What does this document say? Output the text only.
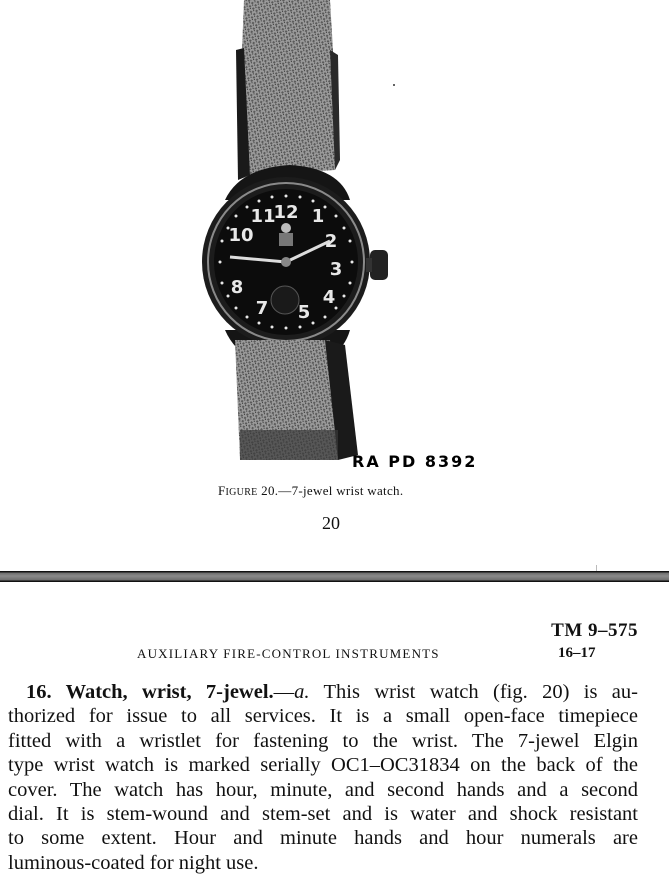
12 1
2
3
4
5
7
8
10
11
RA PD 8392
FIGURE 20.—7-jewel wrist watch.
20
TM 9–575
AUXILIARY FIRE-CONTROL INSTRUMENTS	16–17
16. Watch, wrist, 7-jewel.—a. This wrist watch (fig. 20) is au-
thorized for issue to all services. It is a small open-face timepiece
fitted with a wristlet for fastening to the wrist. The 7-jewel Elgin
type wrist watch is marked serially OC1–OC31834 on the back of the
cover. The watch has hour, minute, and second hands and a second
dial. It is stem-wound and stem-set and is water and shock resistant
to some extent. Hour and minute hands and hour numerals are
luminous-coated for night use.
